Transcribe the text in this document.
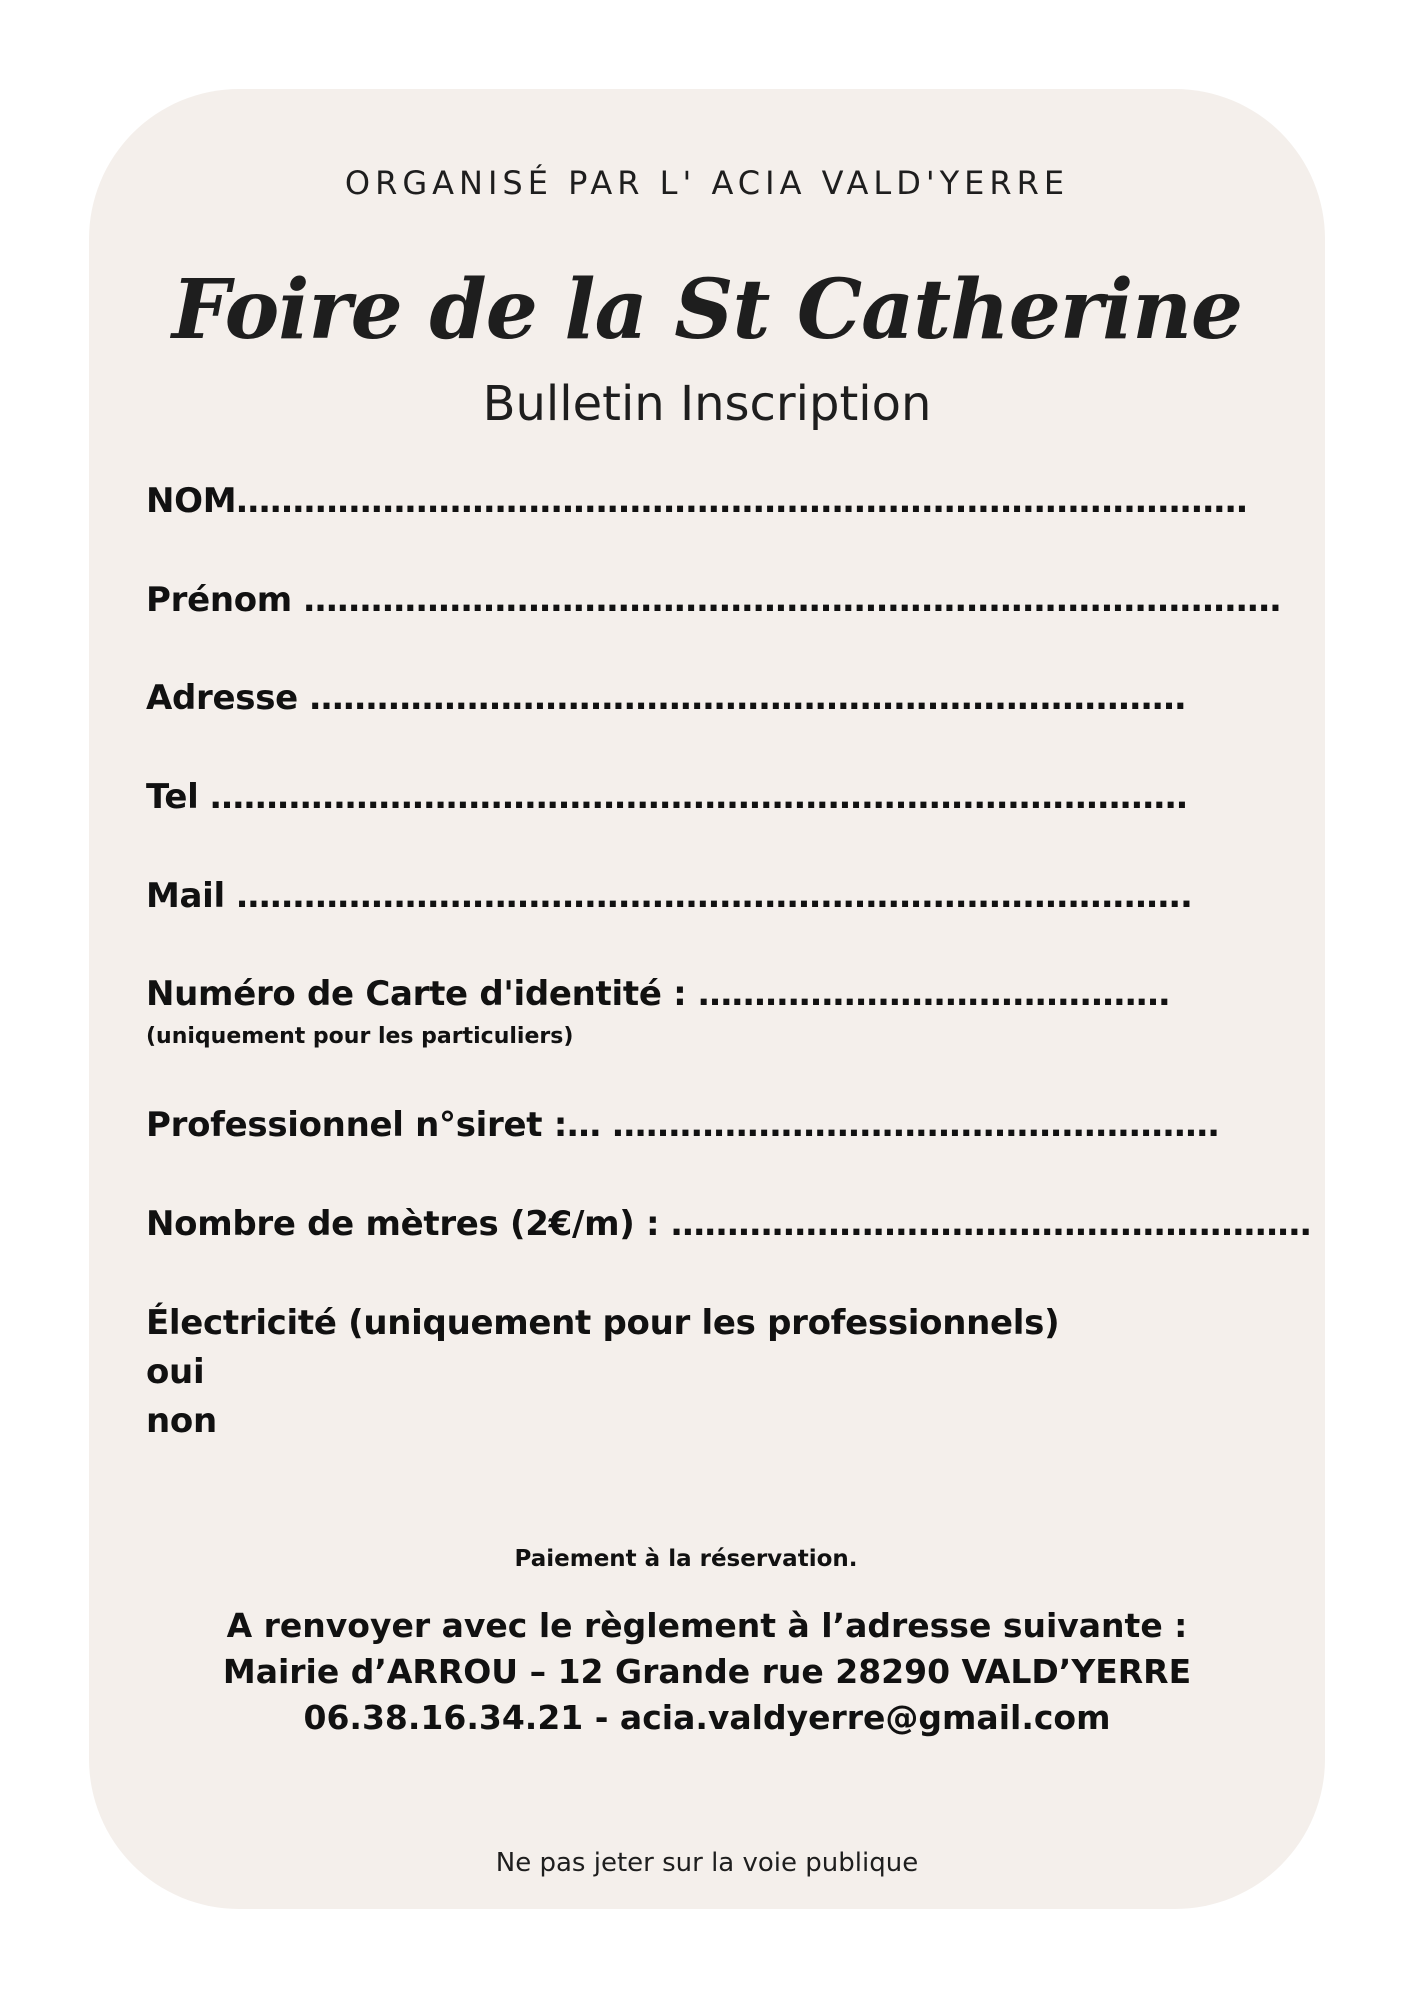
ORGANISÉ PAR L' ACIA VALD'YERRE
Foire de la St Catherine
Bulletin Inscription
NOM………………………………………………………………………………
Prénom ……………………………………………………………………………
Adresse ……………………………………………………………………
Tel ……………………………………………………………………………
Mail ………………………………………………………………………….
Numéro de Carte d'identité : ……………………………………
(uniquement pour les particuliers)
Professionnel n°siret :… ………………………………………………
Nombre de mètres (2€/m) : …………………………………………………
Électricité (uniquement pour les professionnels)
oui
non
Paiement à la réservation.
A renvoyer avec le règlement à l’adresse suivante :
Mairie d’ARROU – 12 Grande rue 28290 VALD’YERRE
06.38.16.34.21 - acia.valdyerre@gmail.com
Ne pas jeter sur la voie publique
